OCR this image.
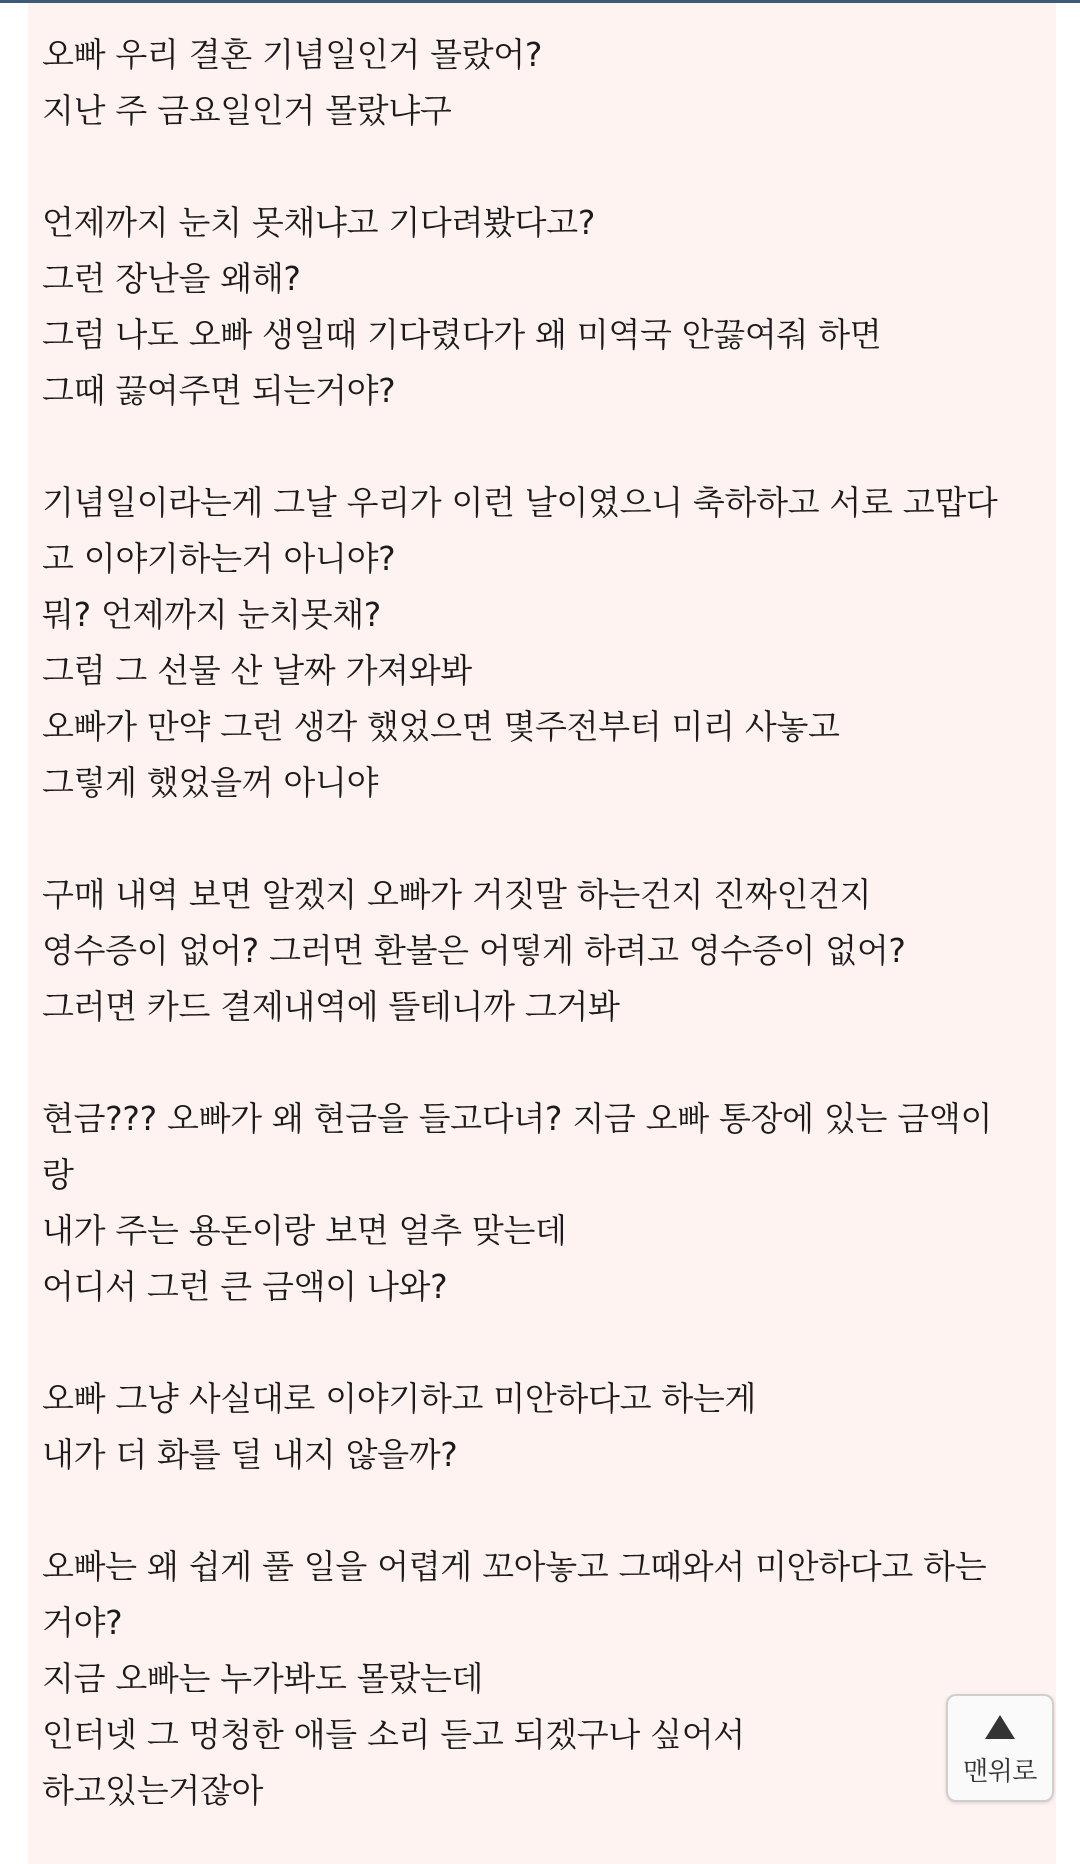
오빠 우리 결혼 기념일인거 몰랐어?
지난 주 금요일인거 몰랐냐구
언제까지 눈치 못채냐고 기다려봤다고?
그런 장난을 왜해?
그럼 나도 오빠 생일때 기다렸다가 왜 미역국 안끓여줘 하면
그때 끓여주면 되는거야?
기념일이라는게 그날 우리가 이런 날이였으니 축하하고 서로 고맙다
고 이야기하는거 아니야?
뭐? 언제까지 눈치못채?
그럼 그 선물 산 날짜 가져와봐
오빠가 만약 그런 생각 했었으면 몇주전부터 미리 사놓고
그렇게 했었을꺼 아니야
구매 내역 보면 알겠지 오빠가 거짓말 하는건지 진짜인건지
영수증이 없어? 그러면 환불은 어떻게 하려고 영수증이 없어?
그러면 카드 결제내역에 뜰테니까 그거봐
현금??? 오빠가 왜 현금을 들고다녀? 지금 오빠 통장에 있는 금액이
랑
내가 주는 용돈이랑 보면 얼추 맞는데
어디서 그런 큰 금액이 나와?
오빠 그냥 사실대로 이야기하고 미안하다고 하는게
내가 더 화를 덜 내지 않을까?
오빠는 왜 쉽게 풀 일을 어렵게 꼬아놓고 그때와서 미안하다고 하는
거야?
지금 오빠는 누가봐도 몰랐는데
인터넷 그 멍청한 애들 소리 듣고 되겠구나 싶어서
하고있는거잖아	맨위로
